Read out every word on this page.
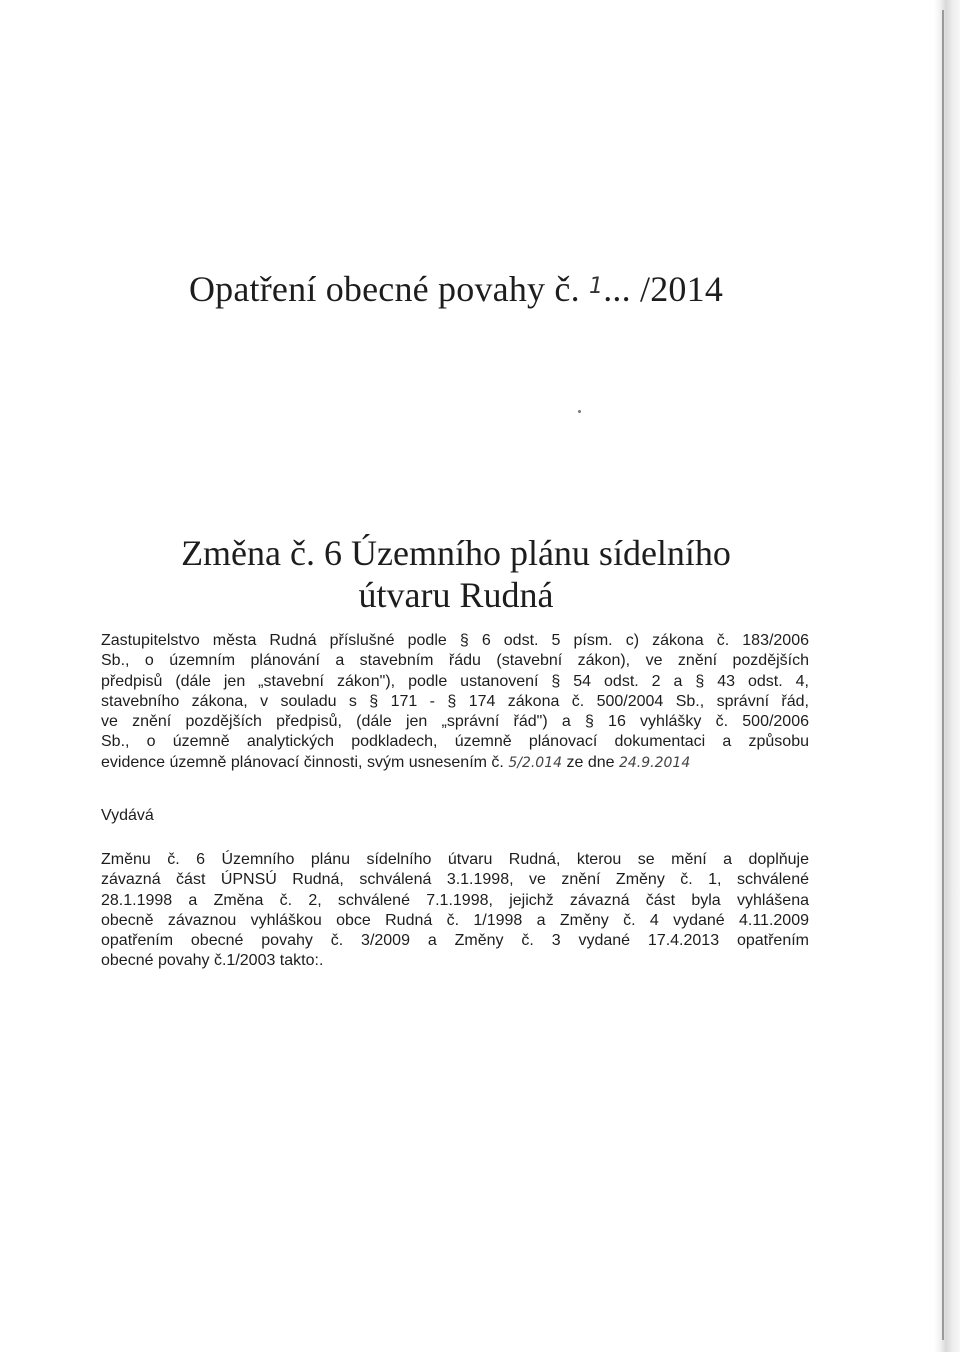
Opatření obecné povahy č. $^1$... /2014
Změna č. 6 Územního plánu sídelního
útvaru Rudná
Zastupitelstvo města Rudná příslušné podle § 6 odst. 5 písm. c) zákona č. 183/2006
Sb., o územním plánování a stavebním řádu (stavební zákon), ve znění pozdějších
předpisů (dále jen „stavební zákon"), podle ustanovení § 54 odst. 2 a § 43 odst. 4,
stavebního zákona, v souladu s § 171 - § 174 zákona č. 500/2004 Sb., správní řád,
ve znění pozdějších předpisů, (dále jen „správní řád") a § 16 vyhlášky č. 500/2006
Sb., o územně analytických podkladech, územně plánovací dokumentaci a způsobu
evidence územně plánovací činnosti, svým usnesením č. 5/2.014 ze dne 24.9.2014
Vydává
Změnu č. 6 Územního plánu sídelního útvaru Rudná, kterou se mění a doplňuje
závazná část ÚPNSÚ Rudná, schválená 3.1.1998, ve znění Změny č. 1, schválené
28.1.1998 a Změna č. 2, schválené 7.1.1998, jejichž závazná část byla vyhlášena
obecně závaznou vyhláškou obce Rudná č. 1/1998 a Změny č. 4 vydané 4.11.2009
opatřením obecné povahy č. 3/2009 a Změny č. 3 vydané 17.4.2013 opatřením
obecné povahy č.1/2003 takto:.
